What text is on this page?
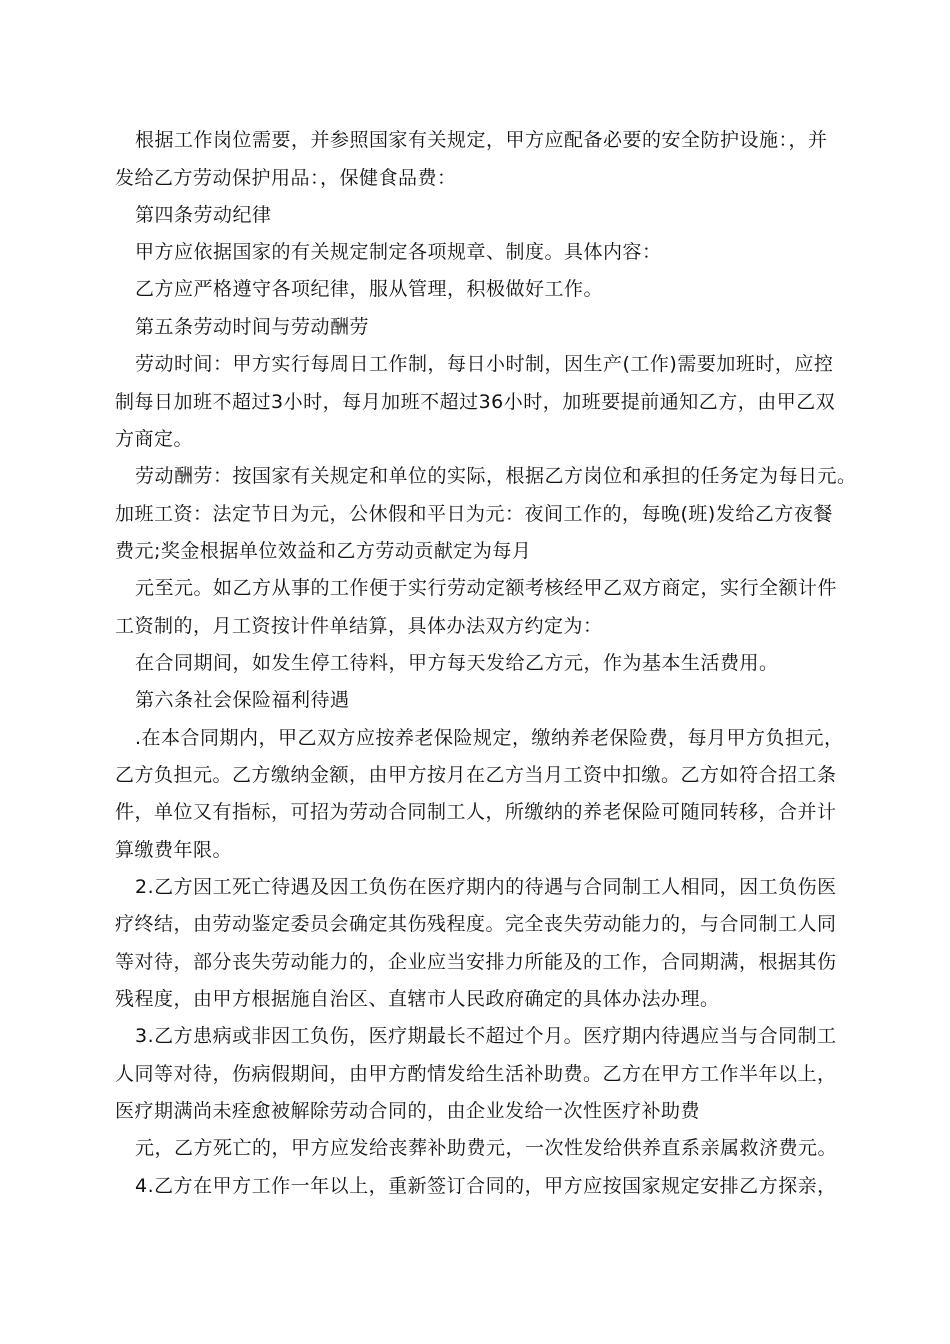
根据工作岗位需要，并参照国家有关规定，甲方应配备必要的安全防护设施：，并
发给乙方劳动保护用品：，保健食品费：
第四条劳动纪律
甲方应依据国家的有关规定制定各项规章、制度。具体内容：
乙方应严格遵守各项纪律，服从管理，积极做好工作。
第五条劳动时间与劳动酬劳
劳动时间：甲方实行每周日工作制，每日小时制，因生产(工作)需要加班时，应控
制每日加班不超过3小时，每月加班不超过36小时，加班要提前通知乙方，由甲乙双
方商定。
劳动酬劳：按国家有关规定和单位的实际，根据乙方岗位和承担的任务定为每日元。
加班工资：法定节日为元，公休假和平日为元：夜间工作的，每晚(班)发给乙方夜餐
费元;奖金根据单位效益和乙方劳动贡献定为每月
元至元。如乙方从事的工作便于实行劳动定额考核经甲乙双方商定，实行全额计件
工资制的，月工资按计件单结算，具体办法双方约定为：
在合同期间，如发生停工待料，甲方每天发给乙方元，作为基本生活费用。
第六条社会保险福利待遇
.在本合同期内，甲乙双方应按养老保险规定，缴纳养老保险费，每月甲方负担元，
乙方负担元。乙方缴纳金额，由甲方按月在乙方当月工资中扣缴。乙方如符合招工条
件，单位又有指标，可招为劳动合同制工人，所缴纳的养老保险可随同转移，合并计
算缴费年限。
2.乙方因工死亡待遇及因工负伤在医疗期内的待遇与合同制工人相同，因工负伤医
疗终结，由劳动鉴定委员会确定其伤残程度。完全丧失劳动能力的，与合同制工人同
等对待，部分丧失劳动能力的，企业应当安排力所能及的工作，合同期满，根据其伤
残程度，由甲方根据施自治区、直辖市人民政府确定的具体办法办理。
3.乙方患病或非因工负伤，医疗期最长不超过个月。医疗期内待遇应当与合同制工
人同等对待，伤病假期间，由甲方酌情发给生活补助费。乙方在甲方工作半年以上，
医疗期满尚未痊愈被解除劳动合同的，由企业发给一次性医疗补助费
元，乙方死亡的，甲方应发给丧葬补助费元，一次性发给供养直系亲属救济费元。
4.乙方在甲方工作一年以上，重新签订合同的，甲方应按国家规定安排乙方探亲，
